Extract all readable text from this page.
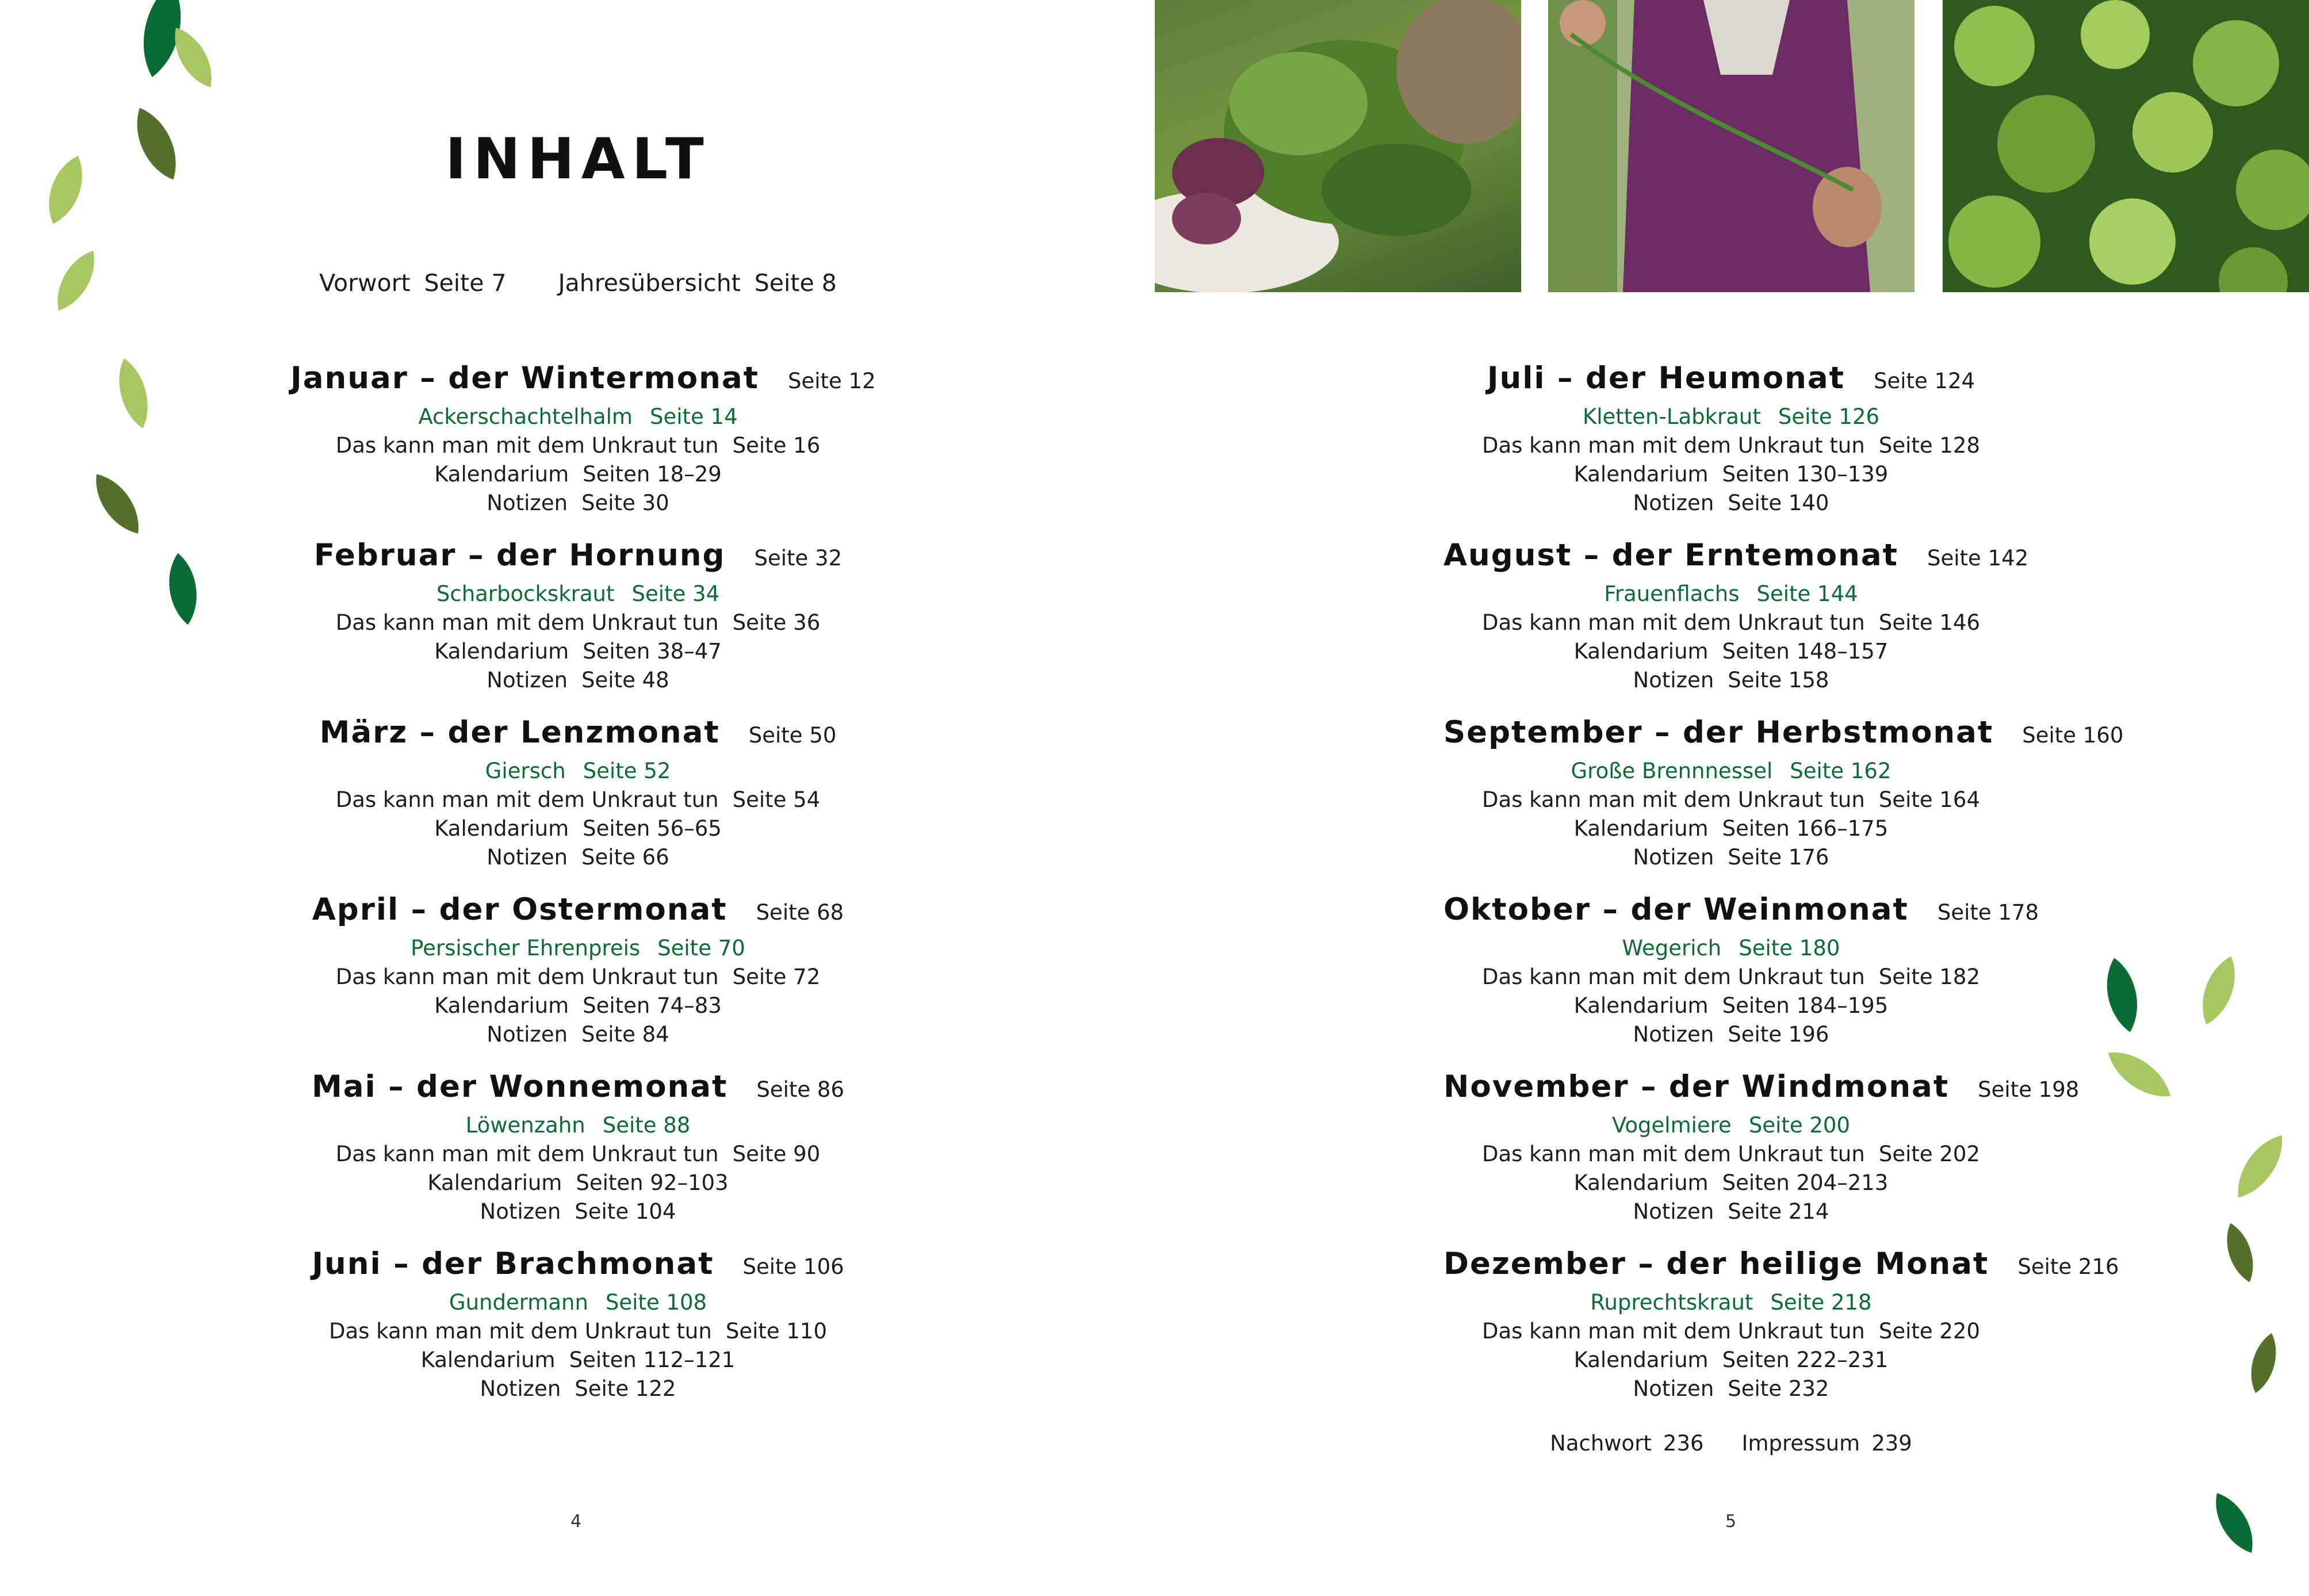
INHALT
Vorwort Seite 7 Jahresübersicht Seite 8
Januar – der Wintermonat Seite 12
Ackerschachtelhalm Seite 14
Das kann man mit dem Unkraut tun Seite 16
Kalendarium Seiten 18–29
Notizen Seite 30
Februar – der Hornung Seite 32
Scharbockskraut Seite 34
Das kann man mit dem Unkraut tun Seite 36
Kalendarium Seiten 38–47
Notizen Seite 48
März – der Lenzmonat Seite 50
Giersch Seite 52
Das kann man mit dem Unkraut tun Seite 54
Kalendarium Seiten 56–65
Notizen Seite 66
April – der Ostermonat Seite 68
Persischer Ehrenpreis Seite 70
Das kann man mit dem Unkraut tun Seite 72
Kalendarium Seiten 74–83
Notizen Seite 84
Mai – der Wonnemonat Seite 86
Löwenzahn Seite 88
Das kann man mit dem Unkraut tun Seite 90
Kalendarium Seiten 92–103
Notizen Seite 104
Juni – der Brachmonat Seite 106
Gundermann Seite 108
Das kann man mit dem Unkraut tun Seite 110
Kalendarium Seiten 112–121
Notizen Seite 122
Juli – der Heumonat Seite 124
Kletten-Labkraut Seite 126
Das kann man mit dem Unkraut tun Seite 128
Kalendarium Seiten 130–139
Notizen Seite 140
August – der Erntemonat Seite 142
Frauenflachs Seite 144
Das kann man mit dem Unkraut tun Seite 146
Kalendarium Seiten 148–157
Notizen Seite 158
September – der Herbstmonat Seite 160
Große Brennnessel Seite 162
Das kann man mit dem Unkraut tun Seite 164
Kalendarium Seiten 166–175
Notizen Seite 176
Oktober – der Weinmonat Seite 178
Wegerich Seite 180
Das kann man mit dem Unkraut tun Seite 182
Kalendarium Seiten 184–195
Notizen Seite 196
November – der Windmonat Seite 198
Vogelmiere Seite 200
Das kann man mit dem Unkraut tun Seite 202
Kalendarium Seiten 204–213
Notizen Seite 214
Dezember – der heilige Monat Seite 216
Ruprechtskraut Seite 218
Das kann man mit dem Unkraut tun Seite 220
Kalendarium Seiten 222–231
Notizen Seite 232
4
Nachwort 236 Impressum 239
5
